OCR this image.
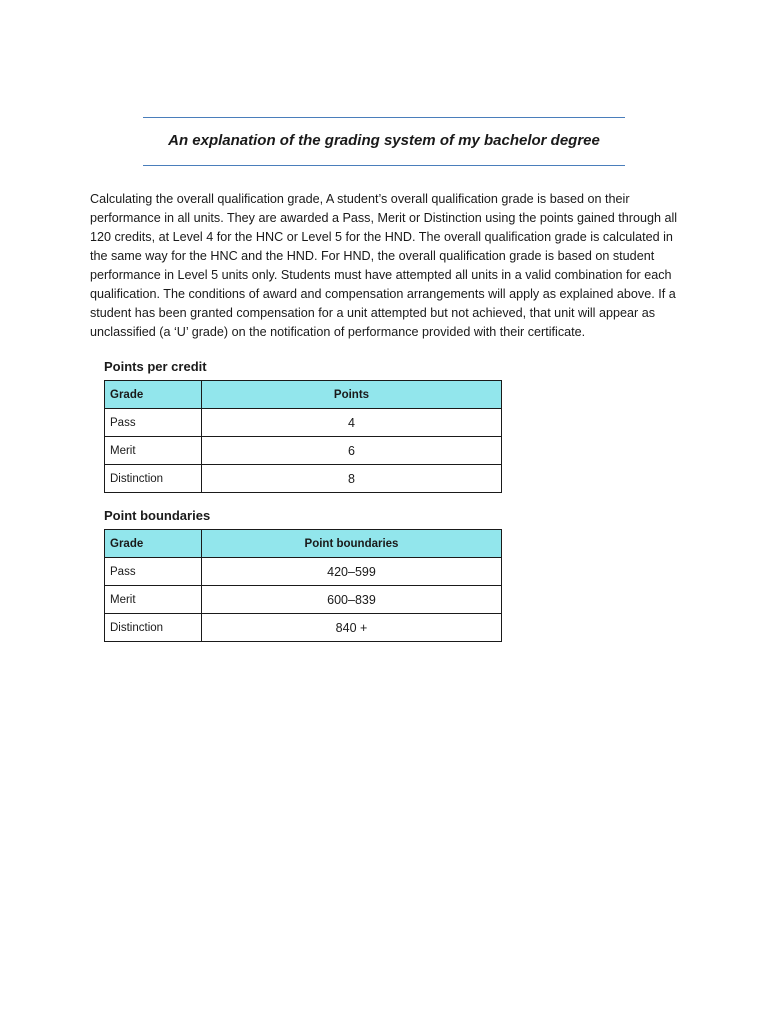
An explanation of the grading system of my bachelor degree

Calculating the overall qualification grade, A student’s overall qualification grade is based on their performance in all units. They are awarded a Pass, Merit or Distinction using the points gained through all 120 credits, at Level 4 for the HNC or Level 5 for the HND. The overall qualification grade is calculated in the same way for the HNC and the HND. For HND, the overall qualification grade is based on student performance in Level 5 units only. Students must have attempted all units in a valid combination for each qualification. The conditions of award and compensation arrangements will apply as explained above. If a student has been granted compensation for a unit attempted but not achieved, that unit will appear as unclassified (a ‘U’ grade) on the notification of performance provided with their certificate.

Points per credit
Grade	Points
Pass	4
Merit	6
Distinction	8
Point boundaries
Grade	Point boundaries
Pass	420–599
Merit	600–839
Distinction	840 +
